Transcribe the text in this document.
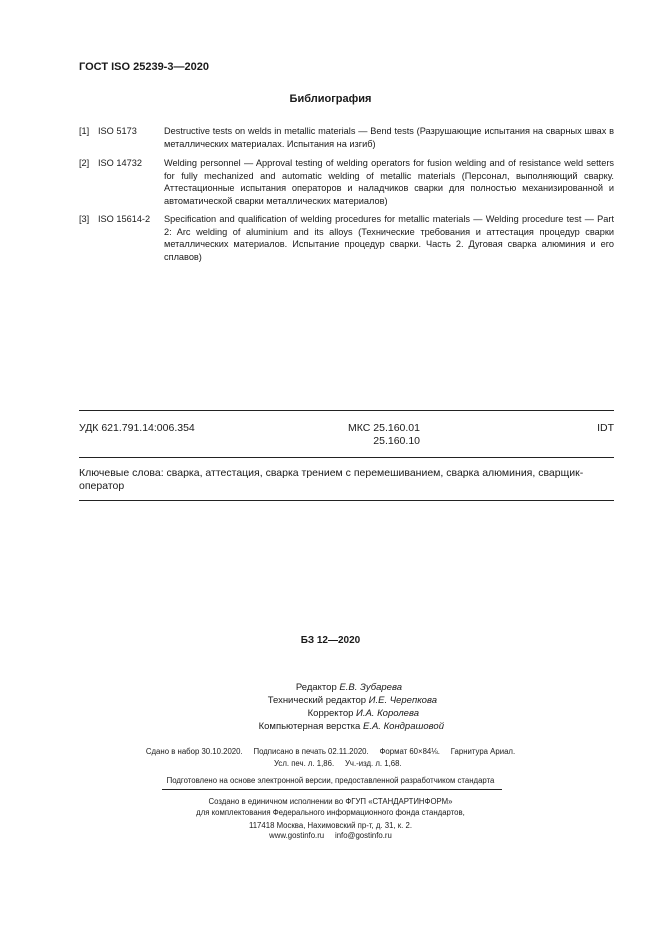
ГОСТ ISO 25239-3—2020
Библиография
[1] ISO 5173	Destructive tests on welds in metallic materials — Bend tests (Разрушающие испытания на сварных швах в металлических материалах. Испытания на изгиб)
[2] ISO 14732 Welding personnel — Approval testing of welding operators for fusion welding and of resistance weld setters for fully mechanized and automatic welding of metallic materials (Персонал, выполняющий сварку. Аттестационные испытания операторов и наладчиков сварки для полностью механизированной и автоматической сварки металлических материалов)
[3] ISO 15614-2 Specification and qualification of welding procedures for metallic materials — Welding procedure test — Part 2: Arc welding of aluminium and its alloys (Технические требования и аттестация процедур сварки металлических материалов. Испытание процедур сварки. Часть 2. Дуговая сварка алюминия и его сплавов)
УДК 621.791.14:006.354	МКС 25.160.01
25.160.10
IDT
Ключевые слова: сварка, аттестация, сварка трением с перемешиванием, сварка алюминия, сварщик-оператор
БЗ 12—2020
Редактор Е.В. Зубарева
Технический редактор И.Е. Черепкова
Корректор И.А. Королева
Компьютерная верстка Е.А. Кондрашовой
Сдано в набор 30.10.2020.     Подписано в печать 02.11.2020.     Формат 60×84⅛.     Гарнитура Ариал.
Усл. печ. л. 1,86.     Уч.-изд. л. 1,68.
Подготовлено на основе электронной версии, предоставленной разработчиком стандарта
Создано в единичном исполнении во ФГУП «СТАНДАРТИНФОРМ»
для комплектования Федерального информационного фонда стандартов,
117418 Москва, Нахимовский пр-т, д. 31, к. 2.
www.gostinfo.ru     info@gostinfo.ru
